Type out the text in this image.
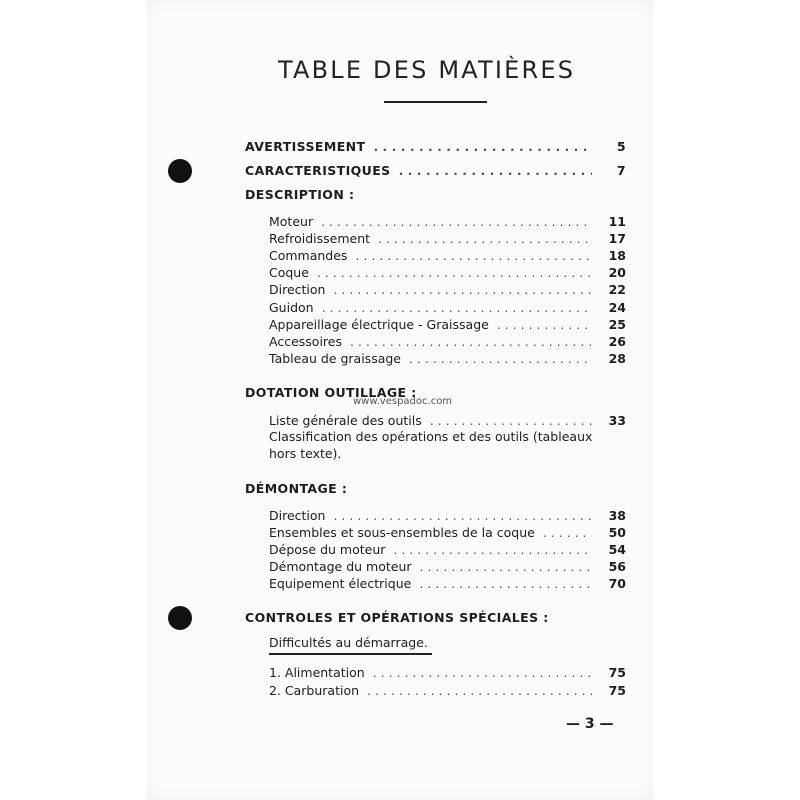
TABLE DES MATIÈRES
AVERTISSEMENT . . .	5
CARACTERISTIQUES . . .	7
DESCRIPTION :
Moteur . . .	11
Refroidissement . . .	17
Commandes . . .	18
Coque . . .	20
Direction . . .	22
Guidon . . .	24
Appareillage électrique - Graissage . . .	25
Accessoires . . .	26
Tableau de graissage . . .	28
DOTATION OUTILLAGE :
www.vespadoc.com
Liste générale des outils . . .	33
Classification des opérations et des outils (tableaux
hors texte).
DÉMONTAGE :
Direction . . .	38
Ensembles et sous-ensembles de la coque . . .	50
Dépose du moteur . . .	54
Démontage du moteur . . .	56
Equipement électrique . . .	70
CONTROLES ET OPÉRATIONS SPÉCIALES :
Difficultés au démarrage.
1. Alimentation . . .	75
2. Carburation . . .	75
— 3 —
